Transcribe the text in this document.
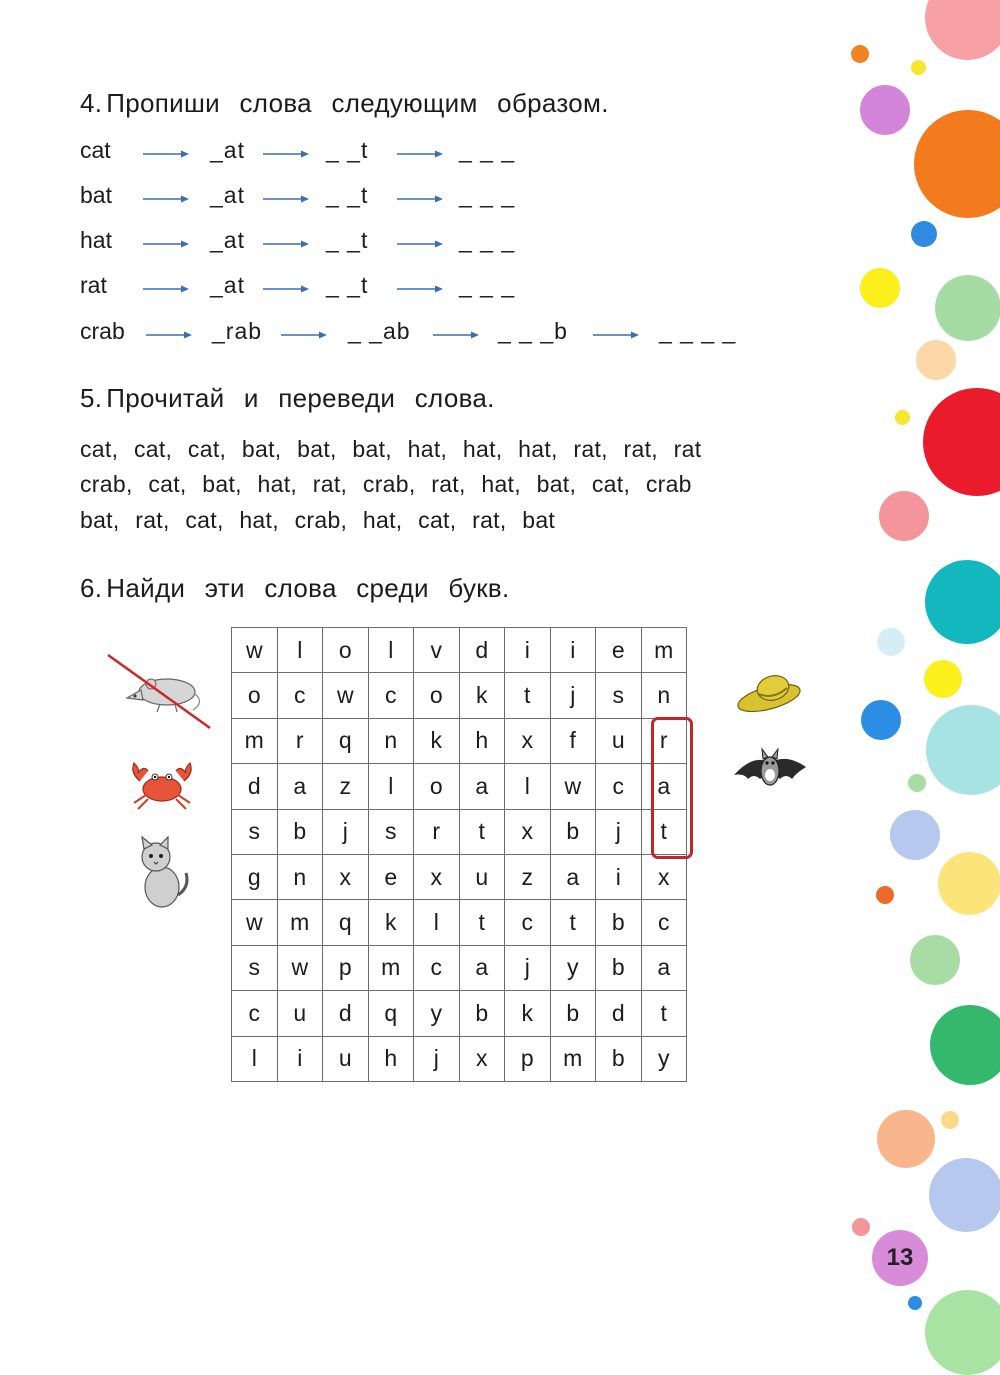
4. Пропиши слова следующим образом.
cat	_at	_ _t	_ _ _
bat	_at	_ _t	_ _ _
hat	_at	_ _t	_ _ _
rat	_at	_ _t	_ _ _
crab	_rab	_ _ab	_ _ _b	_ _ _ _
5. Прочитай и переведи слова.

cat, cat, cat, bat, bat, bat, hat, hat, hat, rat, rat, rat

crab, cat, bat, hat, rat, crab, rat, hat, bat, cat, crab

bat, rat, cat, hat, crab, hat, cat, rat, bat

6. Найди эти слова среди букв.
w	l	o	l	v	d	i	i	e	m
o	c	w	c	o	k	t	j	s	n
m	r	q	n	k	h	x	f	u	r
d	a	z	l	o	a	l	w	c	a
s	b	j	s	r	t	x	b	j	t
g	n	x	e	x	u	z	a	i	x
w	m	q	k	l	t	c	t	b	c
s	w	p	m	c	a	j	y	b	a
c	u	d	q	y	b	k	b	d	t
l	i	u	h	j	x	p	m	b	y
13
